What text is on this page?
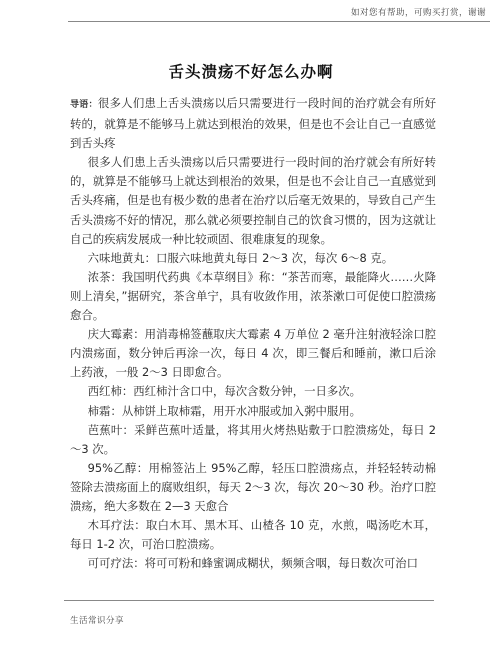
如对您有帮助，可购买打赏，谢谢
舌头溃疡不好怎么办啊

导语：很多人们患上舌头溃疡以后只需要进行一段时间的治疗就会有所好转的，就算是不能够马上就达到根治的效果，但是也不会让自己一直感觉到舌头疼

很多人们患上舌头溃疡以后只需要进行一段时间的治疗就会有所好转的，就算是不能够马上就达到根治的效果，但是也不会让自己一直感觉到舌头疼痛，但是也有极少数的患者在治疗以后毫无效果的，导致自己产生舌头溃疡不好的情况，那么就必须要控制自己的饮食习惯的，因为这就让自己的疾病发展成一种比较顽固、很难康复的现象。

六味地黄丸：口服六味地黄丸每日 2～3 次，每次 6～8 克。

浓茶：我国明代药典《本草纲目》称：“茶苦而寒，最能降火……火降则上清矣，”据研究，茶含单宁，具有收敛作用，浓茶漱口可促使口腔溃疡愈合。

庆大霉素：用消毒棉签蘸取庆大霉素 4 万单位 2 毫升注射液轻涂口腔内溃疡面，数分钟后再涂一次，每日 4 次，即三餐后和睡前，漱口后涂上药液，一般 2～3 日即愈合。

西红柿：西红柿汁含口中，每次含数分钟，一日多次。

柿霜：从柿饼上取柿霜，用开水冲服或加入粥中服用。

芭蕉叶：采鲜芭蕉叶适量，将其用火烤热贴敷于口腔溃疡处，每日 2～3 次。

95%乙醇：用棉签沾上 95%乙醇，轻压口腔溃疡点，并轻轻转动棉签除去溃疡面上的腐败组织，每天 2～3 次，每次 20～30 秒。治疗口腔溃疡，绝大多数在 2—3 天愈合

木耳疗法：取白木耳、黑木耳、山楂各 10 克，水煎，喝汤吃木耳，每日 1-2 次，可治口腔溃疡。

可可疗法：将可可粉和蜂蜜调成糊状，频频含咽，每日数次可治口

生活常识分享
